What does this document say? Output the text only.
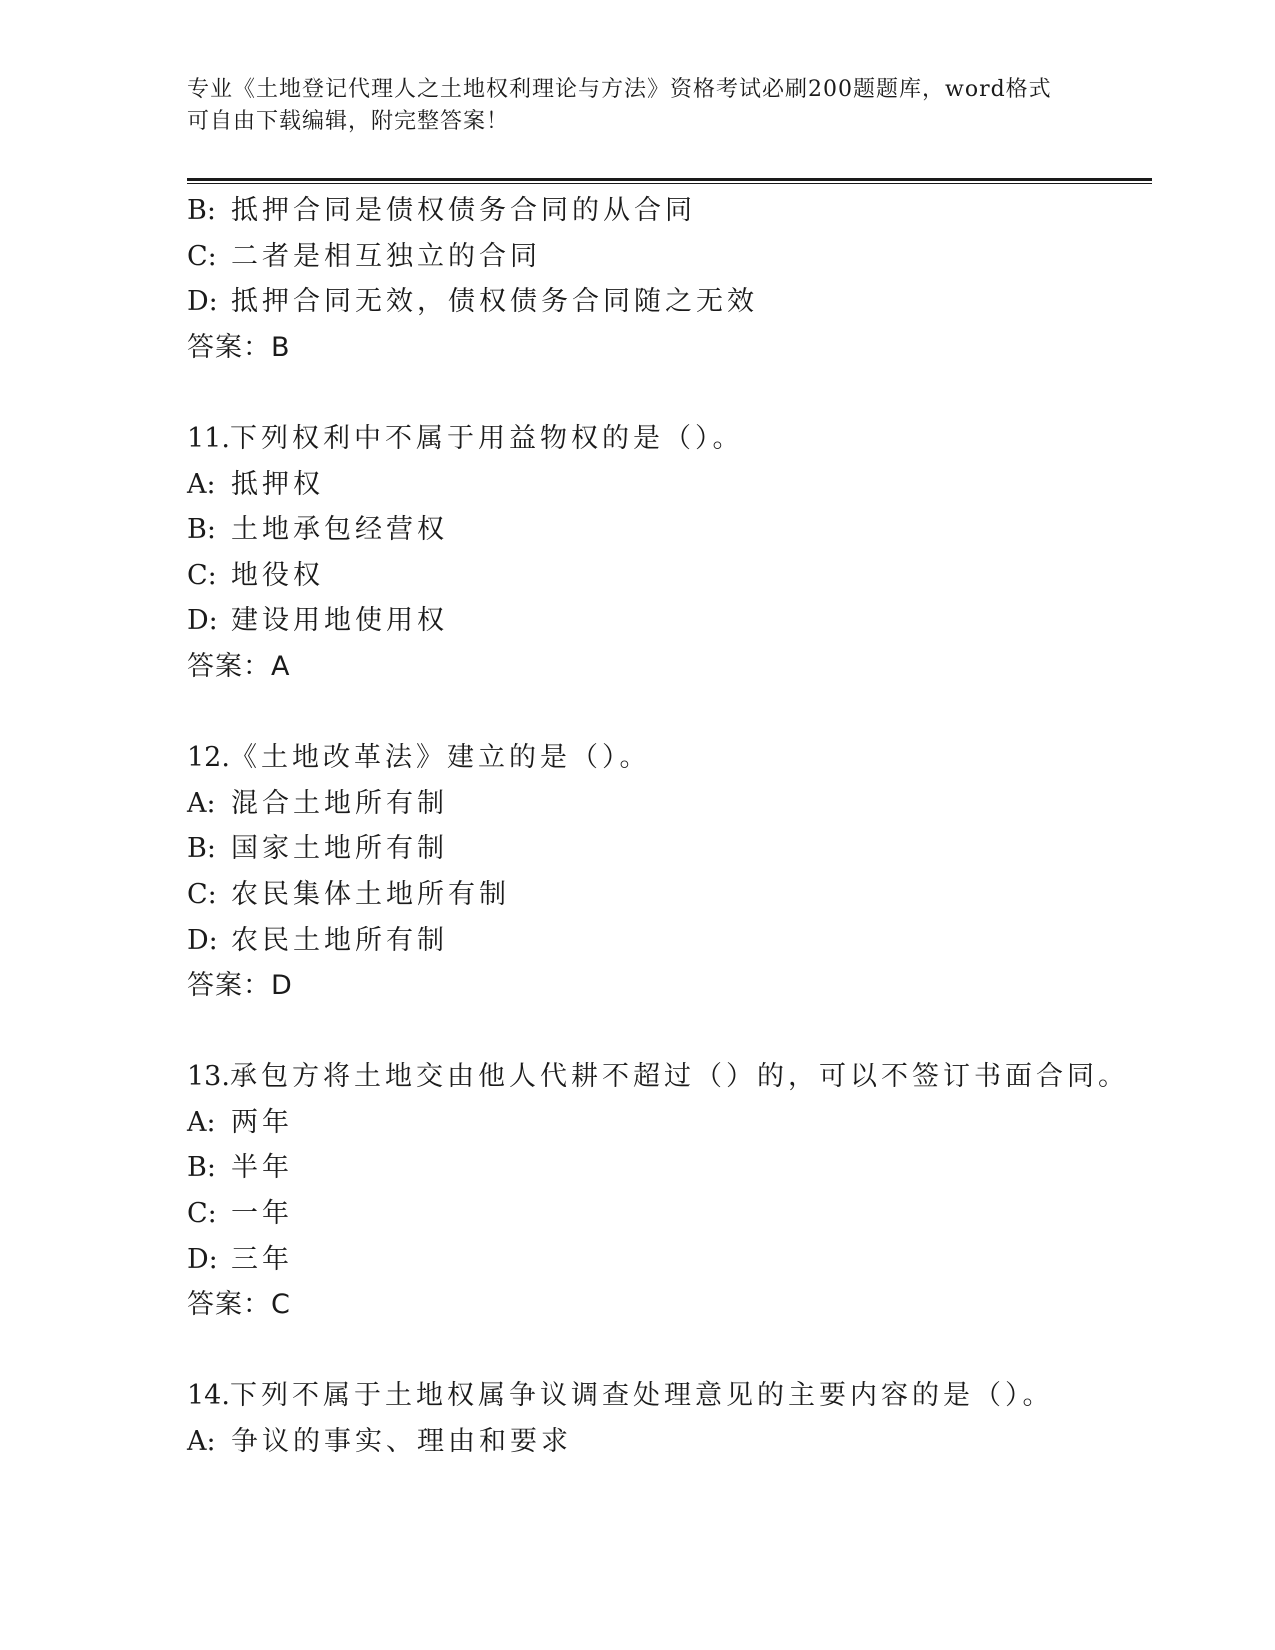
专业《土地登记代理人之土地权利理论与方法》资格考试必刷200题题库，word格式可自由下载编辑，附完整答案！
B: 抵押合同是债权债务合同的从合同
C: 二者是相互独立的合同
D: 抵押合同无效，债权债务合同随之无效
答案：B
11.下列权利中不属于用益物权的是（）。
A: 抵押权
B: 土地承包经营权
C: 地役权
D: 建设用地使用权
答案：A
12.《土地改革法》建立的是（）。
A: 混合土地所有制
B: 国家土地所有制
C: 农民集体土地所有制
D: 农民土地所有制
答案：D
13.承包方将土地交由他人代耕不超过（）的，可以不签订书面合同。
A: 两年
B: 半年
C: 一年
D: 三年
答案：C
14.下列不属于土地权属争议调查处理意见的主要内容的是（）。
A: 争议的事实、理由和要求
